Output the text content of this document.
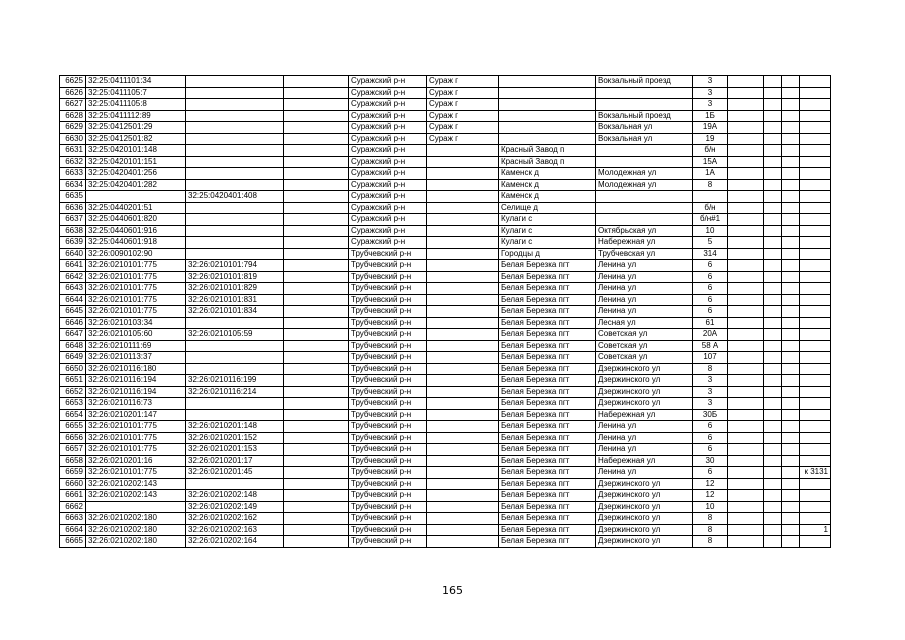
6625	32:25:0411101:34			Суражский р-н	Сураж г		Вокзальный проезд	3				
6626	32:25:0411105:7			Суражский р-н	Сураж г			3				
6627	32:25:0411105:8			Суражский р-н	Сураж г			3				
6628	32:25:0411112:89			Суражский р-н	Сураж г		Вокзальный проезд	1Б				
6629	32:25:0412501:29			Суражский р-н	Сураж г		Вокзальная ул	19А				
6630	32:25:0412501:82			Суражский р-н	Сураж г		Вокзальная ул	19				
6631	32:25:0420101:148			Суражский р-н		Красный Завод п		б/н				
6632	32:25:0420101:151			Суражский р-н		Красный Завод п		15А				
6633	32:25:0420401:256			Суражский р-н		Каменск д	Молодежная ул	1А				
6634	32:25:0420401:282			Суражский р-н		Каменск д	Молодежная ул	8				
6635		32:25:0420401:408		Суражский р-н		Каменск д						
6636	32:25:0440201:51			Суражский р-н		Селище д		б/н				
6637	32:25:0440601:820			Суражский р-н		Кулаги с		б/н#1				
6638	32:25:0440601:916			Суражский р-н		Кулаги с	Октябрьская ул	10				
6639	32:25:0440601:918			Суражский р-н		Кулаги с	Набережная ул	5				
6640	32:26:0090102:90			Трубчевский р-н		Городцы д	Трубчевская ул	314				
6641	32:26:0210101:775	32:26:0210101:794		Трубчевский р-н		Белая Березка пгт	Ленина ул	6				
6642	32:26:0210101:775	32:26:0210101:819		Трубчевский р-н		Белая Березка пгт	Ленина ул	6				
6643	32:26:0210101:775	32:26:0210101:829		Трубчевский р-н		Белая Березка пгт	Ленина ул	6				
6644	32:26:0210101:775	32:26:0210101:831		Трубчевский р-н		Белая Березка пгт	Ленина ул	6				
6645	32:26:0210101:775	32:26:0210101:834		Трубчевский р-н		Белая Березка пгт	Ленина ул	6				
6646	32:26:0210103:34			Трубчевский р-н		Белая Березка пгт	Лесная ул	61				
6647	32:26:0210105:60	32:26:0210105:59		Трубчевский р-н		Белая Березка пгт	Советская ул	20А				
6648	32:26:0210111:69			Трубчевский р-н		Белая Березка пгт	Советская ул	58 А				
6649	32:26:0210113:37			Трубчевский р-н		Белая Березка пгт	Советская ул	107				
6650	32:26:0210116:180			Трубчевский р-н		Белая Березка пгт	Дзержинского ул	8				
6651	32:26:0210116:194	32:26:0210116:199		Трубчевский р-н		Белая Березка пгт	Дзержинского ул	3				
6652	32:26:0210116:194	32:26:0210116:214		Трубчевский р-н		Белая Березка пгт	Дзержинского ул	3				
6653	32:26:0210116:73			Трубчевский р-н		Белая Березка пгт	Дзержинского ул	3				
6654	32:26:0210201:147			Трубчевский р-н		Белая Березка пгт	Набережная ул	30Б				
6655	32:26:0210101:775	32:26:0210201:148		Трубчевский р-н		Белая Березка пгт	Ленина ул	6				
6656	32:26:0210101:775	32:26:0210201:152		Трубчевский р-н		Белая Березка пгт	Ленина ул	6				
6657	32:26:0210101:775	32:26:0210201:153		Трубчевский р-н		Белая Березка пгт	Ленина ул	6				
6658	32:26:0210201:16	32:26:0210201:17		Трубчевский р-н		Белая Березка пгт	Набережная ул	30				
6659	32:26:0210101:775	32:26:0210201:45		Трубчевский р-н		Белая Березка пгт	Ленина ул	6				к 3131
6660	32:26:0210202:143			Трубчевский р-н		Белая Березка пгт	Дзержинского ул	12				
6661	32:26:0210202:143	32:26:0210202:148		Трубчевский р-н		Белая Березка пгт	Дзержинского ул	12				
6662		32:26:0210202:149		Трубчевский р-н		Белая Березка пгт	Дзержинского ул	10				
6663	32:26:0210202:180	32:26:0210202:162		Трубчевский р-н		Белая Березка пгт	Дзержинского ул	8				
6664	32:26:0210202:180	32:26:0210202:163		Трубчевский р-н		Белая Березка пгт	Дзержинского ул	8				1
6665	32:26:0210202:180	32:26:0210202:164		Трубчевский р-н		Белая Березка пгт	Дзержинского ул	8				
165
